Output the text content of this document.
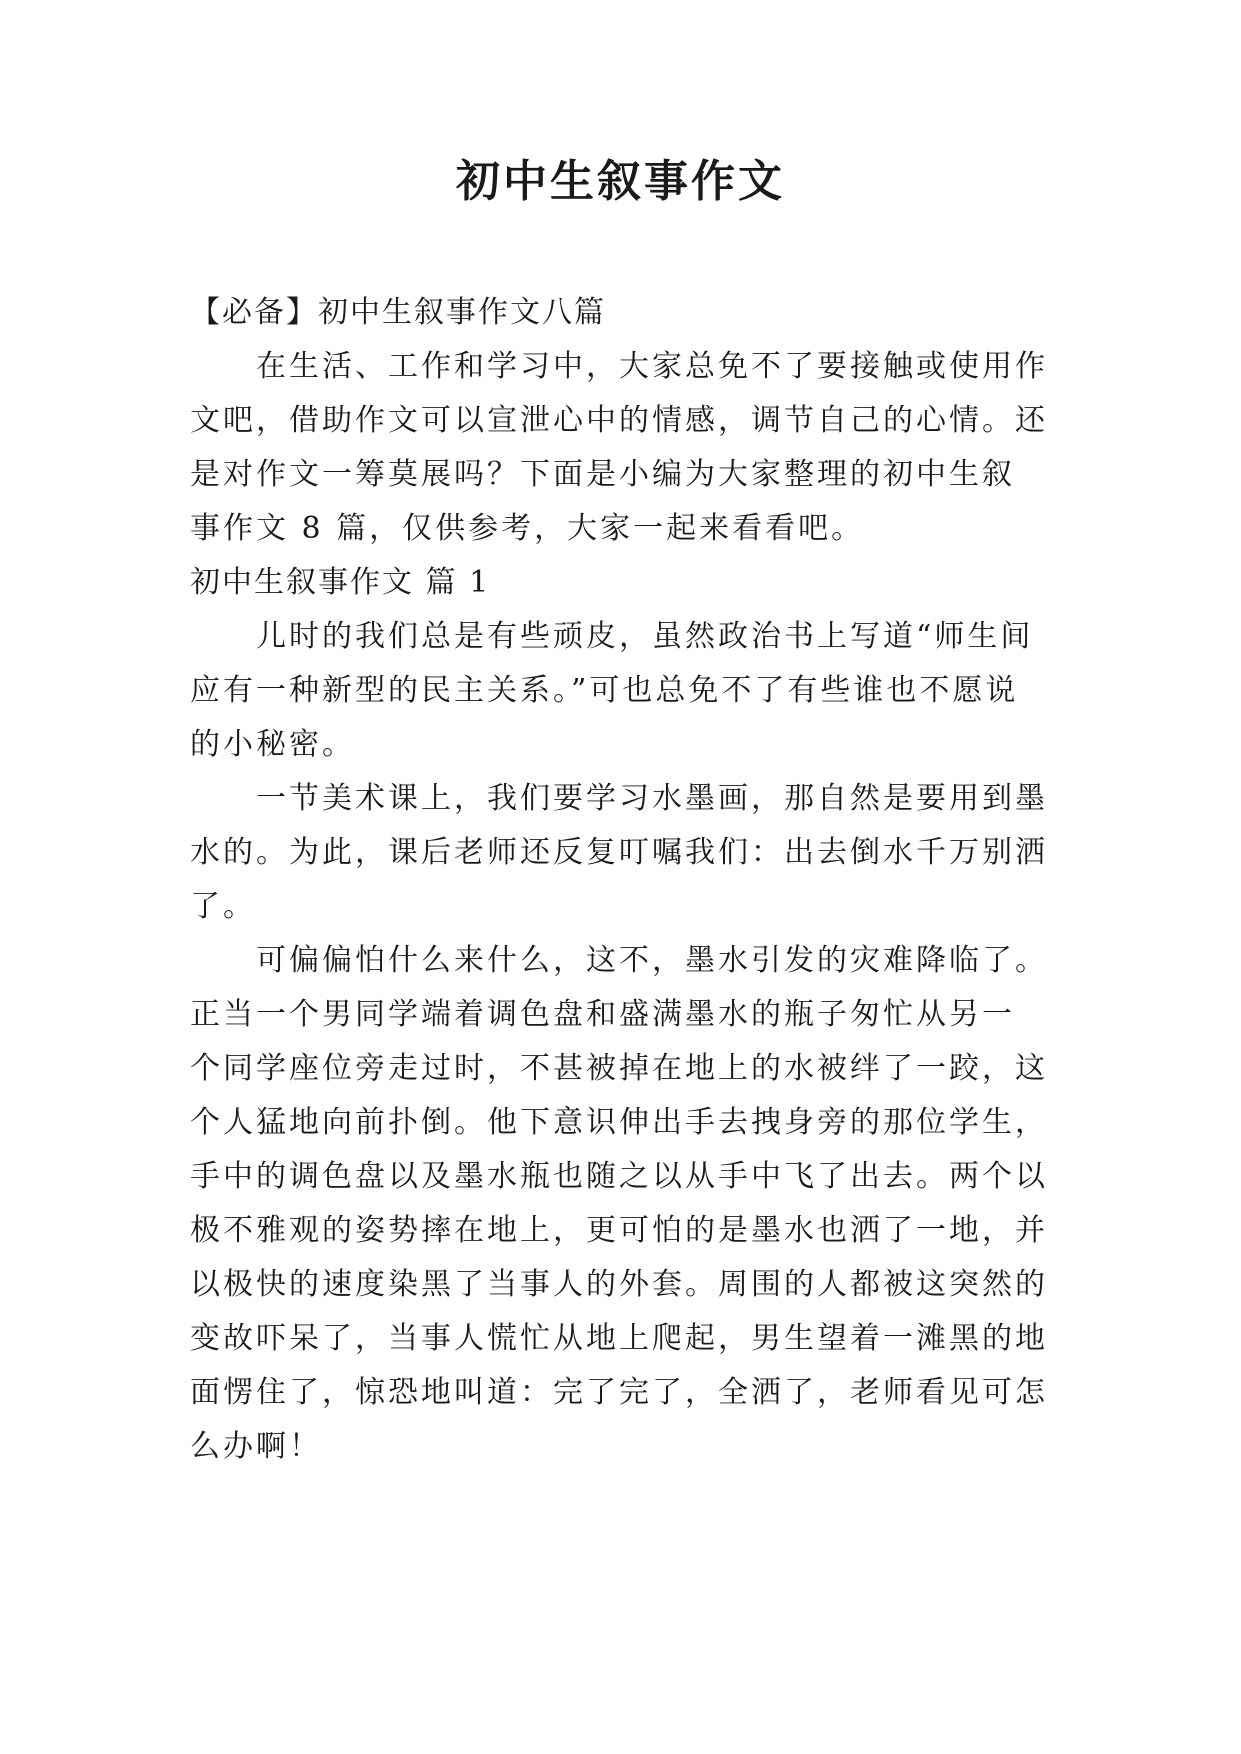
初中生叙事作文
【必备】初中生叙事作文八篇
　　在生活、工作和学习中，大家总免不了要接触或使用作
文吧，借助作文可以宣泄心中的情感，调节自己的心情。还
是对作文一筹莫展吗？下面是小编为大家整理的初中生叙
事作文 8 篇，仅供参考，大家一起来看看吧。
初中生叙事作文 篇 1
　　儿时的我们总是有些顽皮，虽然政治书上写道“师生间
应有一种新型的民主关系。”可也总免不了有些谁也不愿说
的小秘密。
　　一节美术课上，我们要学习水墨画，那自然是要用到墨
水的。为此，课后老师还反复叮嘱我们：出去倒水千万别洒
了。
　　可偏偏怕什么来什么，这不，墨水引发的灾难降临了。
正当一个男同学端着调色盘和盛满墨水的瓶子匆忙从另一
个同学座位旁走过时，不甚被掉在地上的水被绊了一跤，这
个人猛地向前扑倒。他下意识伸出手去拽身旁的那位学生，
手中的调色盘以及墨水瓶也随之以从手中飞了出去。两个以
极不雅观的姿势摔在地上，更可怕的是墨水也洒了一地，并
以极快的速度染黑了当事人的外套。周围的人都被这突然的
变故吓呆了，当事人慌忙从地上爬起，男生望着一滩黑的地
面愣住了，惊恐地叫道：完了完了，全洒了，老师看见可怎
么办啊！
